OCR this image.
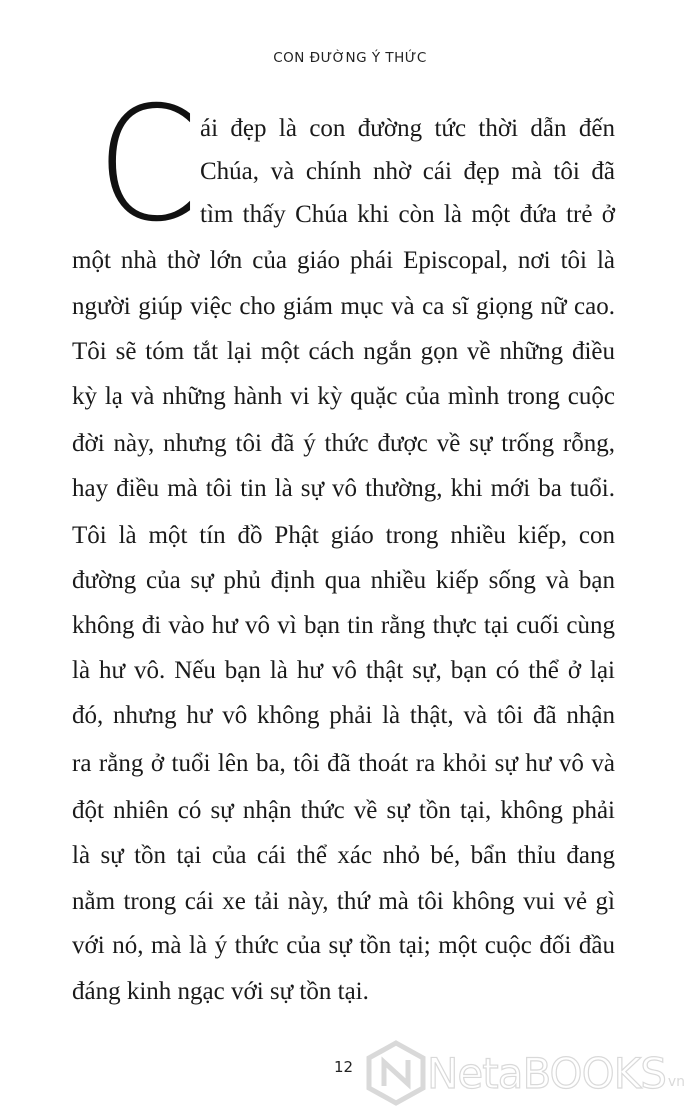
CON ĐƯỜNG Ý THỨC
C ái đẹp là con đường tức thời dẫn đến
Chúa, và chính nhờ cái đẹp mà tôi đã
tìm thấy Chúa khi còn là một đứa trẻ ở
một nhà thờ lớn của giáo phái Episcopal, nơi tôi là
người giúp việc cho giám mục và ca sĩ giọng nữ cao.
Tôi sẽ tóm tắt lại một cách ngắn gọn về những điều
kỳ lạ và những hành vi kỳ quặc của mình trong cuộc
đời này, nhưng tôi đã ý thức được về sự trống rỗng,
hay điều mà tôi tin là sự vô thường, khi mới ba tuổi.
Tôi là một tín đồ Phật giáo trong nhiều kiếp, con
đường của sự phủ định qua nhiều kiếp sống và bạn
không đi vào hư vô vì bạn tin rằng thực tại cuối cùng
là hư vô. Nếu bạn là hư vô thật sự, bạn có thể ở lại
đó, nhưng hư vô không phải là thật, và tôi đã nhận
ra rằng ở tuổi lên ba, tôi đã thoát ra khỏi sự hư vô và
đột nhiên có sự nhận thức về sự tồn tại, không phải
là sự tồn tại của cái thể xác nhỏ bé, bẩn thỉu đang
nằm trong cái xe tải này, thứ mà tôi không vui vẻ gì
với nó, mà là ý thức của sự tồn tại; một cuộc đối đầu
đáng kinh ngạc với sự tồn tại.
12 NetaBOOKS vn
